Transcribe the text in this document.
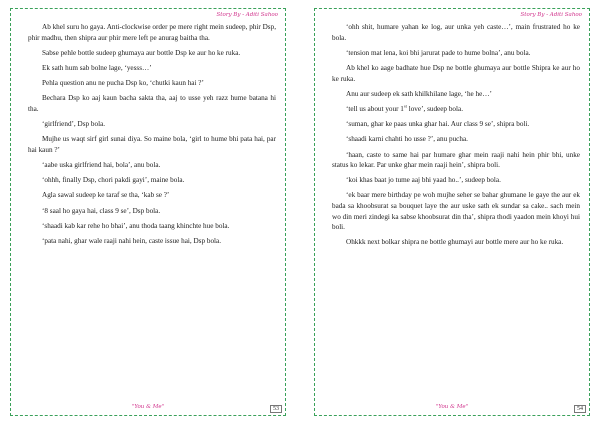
Story By - Aditi Sahoo

Ab khel suru ho gaya. Anti-clockwise order pe mere right mein sudeep, phir Dsp, phir madhu, then shipra aur phir mere left pe anurag baitha tha.

Sabse pehle bottle sudeep ghumaya aur bottle Dsp ke aur ho ke ruka.

Ek sath hum sab bolne lage, ‘yesss…’

Pehla question anu ne pucha Dsp ko, ‘chutki kaun hai ?’

Bechara Dsp ko aaj kaun bacha sakta tha, aaj to usse yeh razz hume batana hi tha.

‘girlfriend’, Dsp bola.

Mujhe us waqt sirf girl sunai diya. So maine bola, ‘girl to hume bhi pata hai, par hai kaun ?’

‘aabe uska girlfriend hai, bola’, anu bola.

‘ohhh, finally Dsp, chori pakdi gayi’, maine bola.

Agla sawal sudeep ke taraf se tha, ‘kab se ?’

‘8 saal ho gaya hai, class 9 se’, Dsp bola.

‘shaadi kab kar rehe ho bhai’, anu thoda taang khinchte hue bola.

‘pata nahi, ghar wale raaji nahi hein, caste issue hai, Dsp bola.

"You & Me"	53
Story By - Aditi Sahoo

‘ohh shit, humare yahan ke log, aur unka yeh caste…’, main frustrated ho ke bola.

‘tension mat lena, koi bhi jarurat pade to hume bolna’, anu bola.

Ab khel ko aage badhate hue Dsp ne bottle ghumaya aur bottle Shipra ke aur ho ke ruka.

Anu aur sudeep ek sath khilkhilane lage, ‘he he…’

‘tell us about your 1st love’, sudeep bola.

‘suman, ghar ke paas unka ghar hai. Aur class 9 se’, shipra boli.

‘shaadi karni chahti ho usse ?’, anu pucha.

‘haan, caste to same hai par humare ghar mein raaji nahi hein phir bhi, unke status ko lekar. Par unke ghar mein raaji hein’, shipra boli.

‘koi khas baat jo tume aaj bhi yaad ho..’, sudeep bola.

‘ek baar mere birthday pe woh mujhe seher se bahar ghumane le gaye the aur ek bada sa khoobsurat sa bouquet laye the aur uske sath ek sundar sa cake.. sach mein wo din meri zindegi ka sabse khoobsurat din tha’, shipra thodi yaadon mein khoyi hui boli.

Ohkkk next bolkar shipra ne bottle ghumayi aur bottle mere aur ho ke ruka.

"You & Me"	54
